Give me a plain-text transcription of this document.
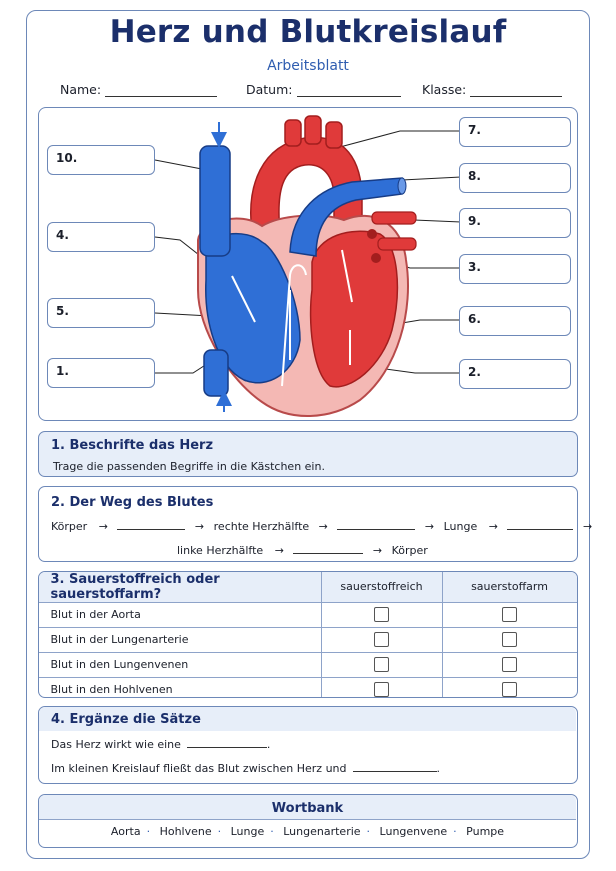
Herz und Blutkreislauf
Arbeitsblatt
Name:	Datum:	Klasse:
10.
4.
5.
1.
7.
8.
9.
3.
6.
2.
1. Beschrifte das Herz
Trage die passenden Begriffe in die Kästchen ein.
2. Der Weg des Blutes
Körper →	→ rechte Herzhälfte →	→ Lunge →	→
linke Herzhälfte →	→ Körper
3. Sauerstoffreich oder sauerstoffarm?	sauerstoffreich	sauerstoffarm
Blut in der Aorta		
Blut in der Lungenarterie		
Blut in den Lungenvenen		
Blut in den Hohlvenen		
4. Ergänze die Sätze
Das Herz wirkt wie eine	.
Im kleinen Kreislauf fließt das Blut zwischen Herz und	.
Wortbank
Aorta · Hohlvene · Lunge · Lungenarterie · Lungenvene · Pumpe
